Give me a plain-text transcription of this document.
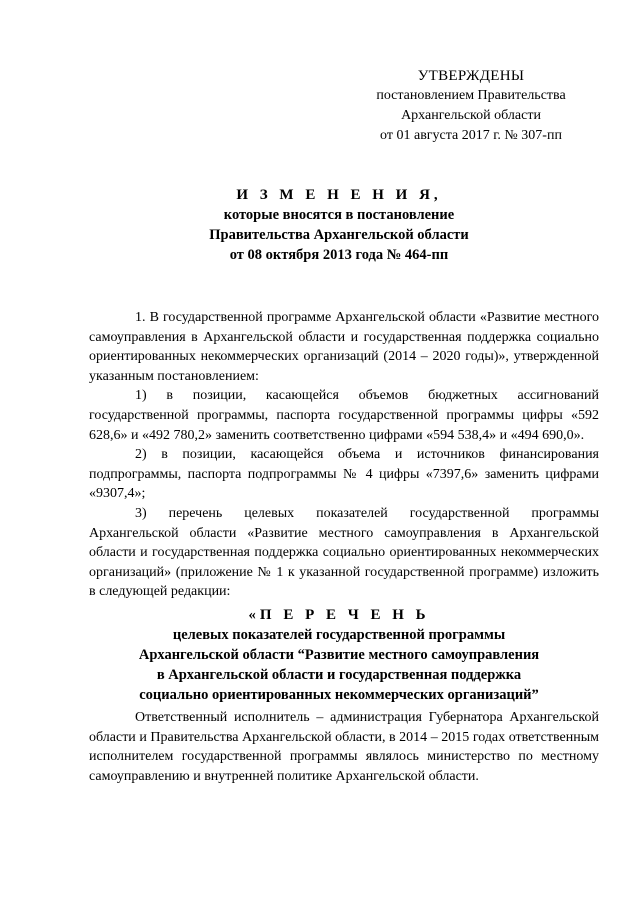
УТВЕРЖДЕНЫ
постановлением Правительства
Архангельской области
от 01 августа 2017 г. № 307-пп
И З М Е Н Е Н И Я,
которые вносятся в постановление
Правительства Архангельской области
от 08 октября 2013 года № 464-пп

1. В государственной программе Архангельской области «Развитие местного самоуправления в Архангельской области и государственная поддержка социально ориентированных некоммерческих организаций (2014 – 2020 годы)», утвержденной указанным постановлением:

1) в позиции, касающейся объемов бюджетных ассигнований государственной программы, паспорта государственной программы цифры «592 628,6» и «492 780,2» заменить соответственно цифрами «594 538,4» и «494 690,0».

2) в позиции, касающейся объема и источников финансирования подпрограммы, паспорта подпрограммы № 4 цифры «7397,6» заменить цифрами «9307,4»;

3) перечень целевых показателей государственной программы Архангельской области «Развитие местного самоуправления в Архангельской области и государственная поддержка социально ориентированных некоммерческих организаций» (приложение № 1 к указанной государственной программе) изложить в следующей редакции:

«П Е Р Е Ч Е Н Ь
целевых показателей государственной программы
Архангельской области “Развитие местного самоуправления
в Архангельской области и государственная поддержка
социально ориентированных некоммерческих организаций”

Ответственный исполнитель – администрация Губернатора Архангельской области и Правительства Архангельской области, в 2014 – 2015 годах ответственным исполнителем государственной программы являлось министерство по местному самоуправлению и внутренней политике Архангельской области.
